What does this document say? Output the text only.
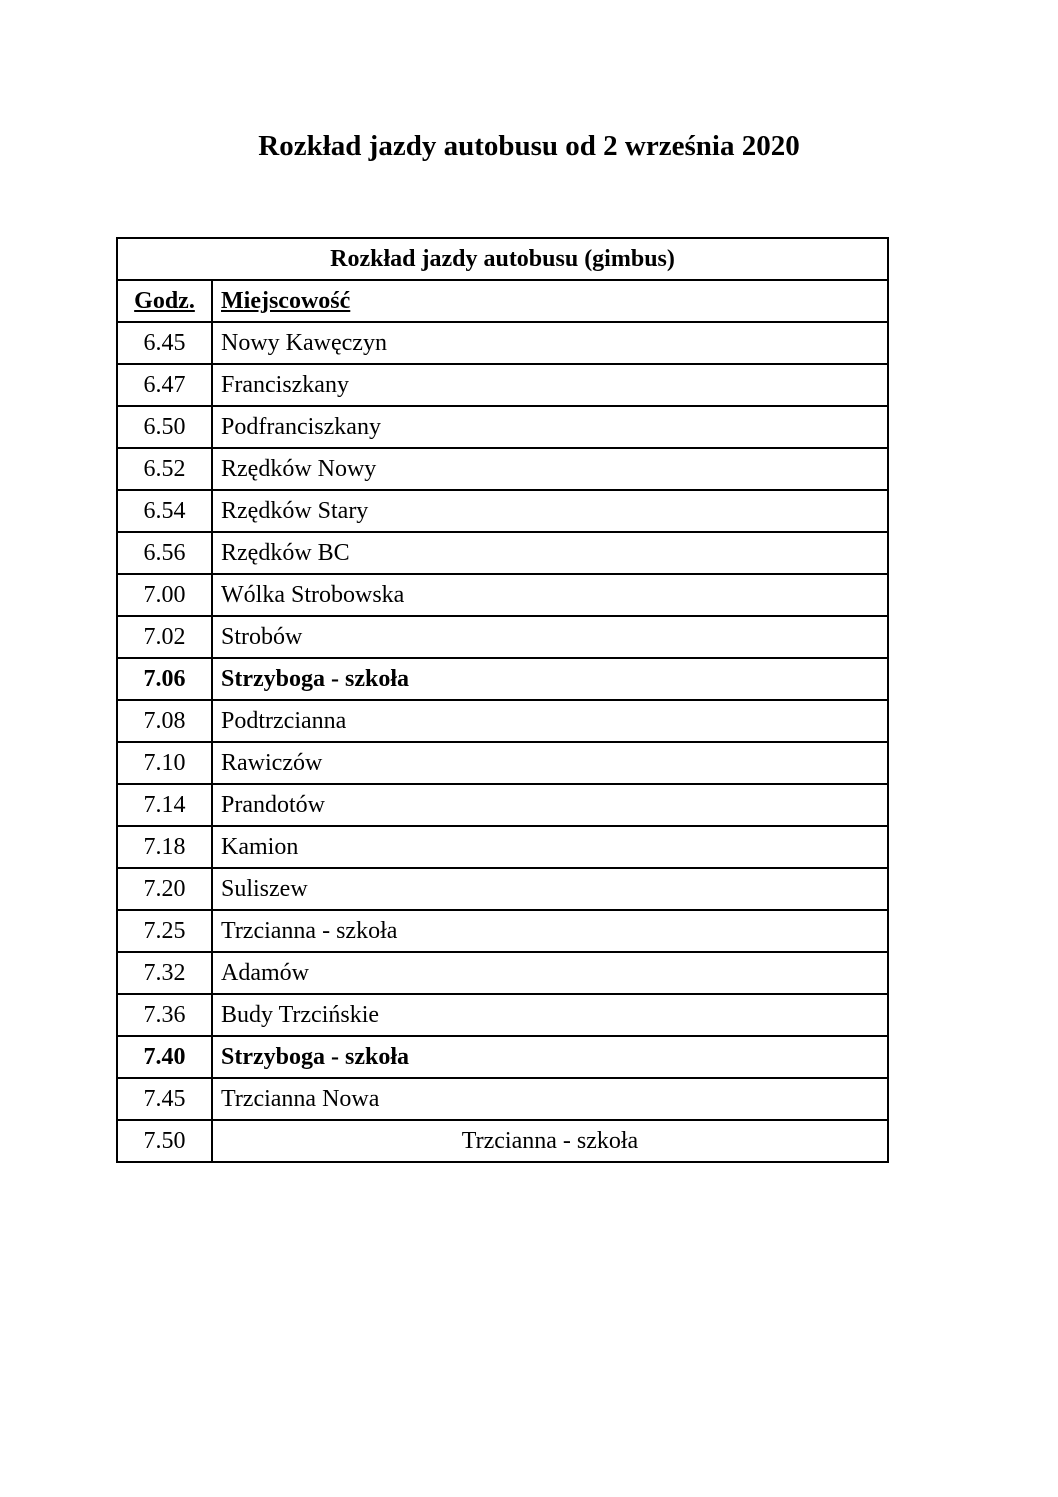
Rozkład jazdy autobusu od 2 września 2020
Rozkład jazdy autobusu (gimbus)	
Godz.	Miejscowość
6.45	Nowy Kawęczyn
6.47	Franciszkany
6.50	Podfranciszkany
6.52	Rzędków Nowy
6.54	Rzędków Stary
6.56	Rzędków BC
7.00	Wólka Strobowska
7.02	Strobów
7.06	Strzyboga - szkoła
7.08	Podtrzcianna
7.10	Rawiczów
7.14	Prandotów
7.18	Kamion
7.20	Suliszew
7.25	Trzcianna - szkoła
7.32	Adamów
7.36	Budy Trzcińskie
7.40	Strzyboga - szkoła
7.45	Trzcianna Nowa
7.50	Trzcianna - szkoła
